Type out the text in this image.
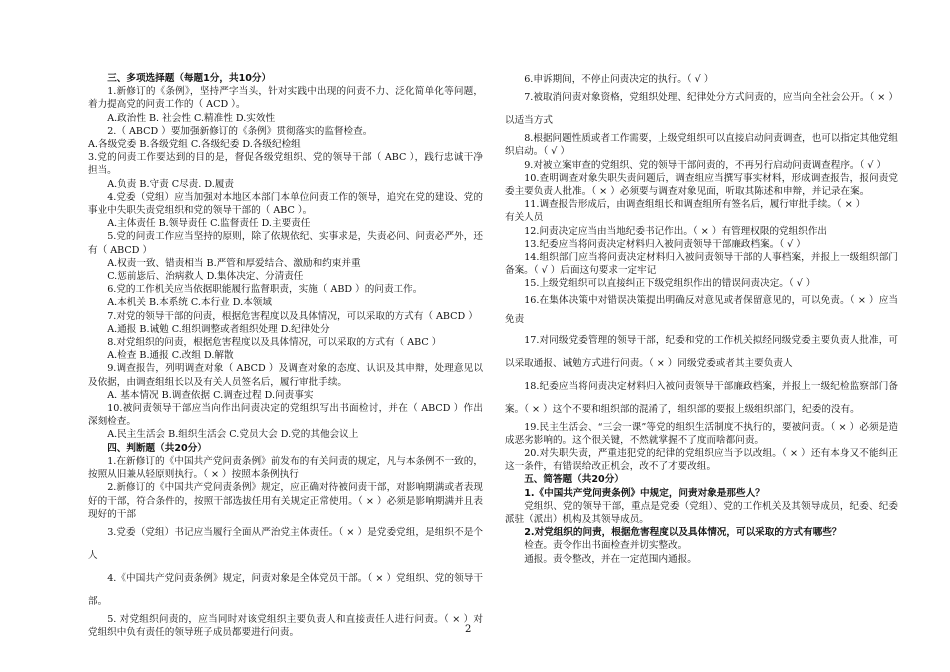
三、多项选择题（每题1分，共10分）

1.新修订的《条例》，坚持严字当头，针对实践中出现的问责不力、泛化简单化等问题，着力提高党的问责工作的（ ACD ）。

A.政治性 B. 社会性 C.精准性 D.实效性

2.（ ABCD ）要加强新修订的《条例》贯彻落实的监督检查。

A.各级党委 B.各级党组 C.各级纪委 D.各级纪检组

3.党的问责工作要达到的目的是，督促各级党组织、党的领导干部（ ABC ），践行忠诚干净担当。

A.负责 B.守责 C尽责. D.履责

4.党委（党组）应当加强对本地区本部门本单位问责工作的领导，追究在党的建设、党的事业中失职失责党组织和党的领导干部的（ ABC ）。

A.主体责任 B.领导责任 C.监督责任 D.主要责任

5.党的问责工作应当坚持的原则，除了依规依纪、实事求是，失责必问、问责必严外，还有（ ABCD ）

A.权责一致、错责相当 B.严管和厚爱结合、激励和约束并重

C.惩前毖后、治病救人 D.集体决定、分清责任

6.党的工作机关应当依据职能履行监督职责，实施（ ABD ）的问责工作。

A.本机关 B.本系统 C.本行业 D.本领域

7.对党的领导干部的问责，根据危害程度以及具体情况，可以采取的方式有（ ABCD ）

A.通报 B.诫勉 C.组织调整或者组织处理 D.纪律处分

8.对党组织的问责，根据危害程度以及具体情况，可以采取的方式有（ ABC ）

A.检查 B.通报 C.改组 D.解散

9.调查报告，列明调查对象（ ABCD ）及调查对象的态度、认识及其申辩，处理意见以及依据，由调查组组长以及有关人员签名后，履行审批手续。

A. 基本情况 B.调查依据 C.调查过程 D.问责事实

10.被问责领导干部应当向作出问责决定的党组织写出书面检讨，并在（ ABCD ）作出深刻检查。

A.民主生活会 B.组织生活会 C.党员大会 D.党的其他会议上

四、判断题（共20分）

1.在新修订的《中国共产党问责条例》前发布的有关问责的规定，凡与本条例不一致的，按照从旧兼从轻原则执行。（ × ）按照本条例执行

2.新修订的《中国共产党问责条例》规定，应正确对待被问责干部，对影响期满或者表现好的干部，符合条件的，按照干部选拔任用有关规定正常使用。（ × ）必须是影响期满并且表现好的干部

3.党委（党组）书记应当履行全面从严治党主体责任。（ × ）是党委党组，是组织不是个人

4.《中国共产党问责条例》规定，问责对象是全体党员干部。（ × ）党组织、党的领导干部。

5. 对党组织问责的，应当同时对该党组织主要负责人和直接责任人进行问责。（ × ）对党组织中负有责任的领导班子成员都要进行问责。

6.申诉期间，不停止问责决定的执行。（ √ ）

7.被取消问责对象资格，党组织处理、纪律处分方式问责的，应当向全社会公开。（ × ）以适当方式

8.根据问题性质或者工作需要，上级党组织可以直接启动问责调查，也可以指定其他党组织启动。（ √ ）

9.对被立案审查的党组织、党的领导干部问责的，不再另行启动问责调查程序。（ √ ）

10.查明调查对象失职失责问题后，调查组应当撰写事实材料，形成调查报告，报问责党委主要负责人批准。（ × ）必须要与调查对象见面，听取其陈述和申辩，并记录在案。

11.调查报告形成后，由调查组组长和调查组所有签名后，履行审批手续。（ × ）

有关人员

12.问责决定应当由当地纪委书记作出。（ × ）有管理权限的党组织作出

13.纪委应当将问责决定材料归入被问责领导干部廉政档案。（ √ ）

14.组织部门应当将问责决定材料归入被问责领导干部的人事档案，并报上一级组织部门备案。（ √ ）后面这句要求一定牢记

15.上级党组织可以直接纠正下级党组织作出的错误问责决定。（ √ ）

16.在集体决策中对错误决策提出明确反对意见或者保留意见的，可以免责。（ × ）应当免责

17.对同级党委管理的领导干部，纪委和党的工作机关拟经同级党委主要负责人批准，可以采取通报、诫勉方式进行问责。（ × ）同级党委或者其主要负责人

18.纪委应当将问责决定材料归入被问责领导干部廉政档案，并报上一级纪检监察部门备案。（ × ）这个不要和组织部的混淆了，组织部的要报上级组织部门，纪委的没有。

19.民主生活会、“三会一课”等党的组织生活制度不执行的，要被问责。（ × ）必须是造成恶劣影响的。这个很关键，不然就掌握不了度而啥都问责。

20.对失职失责，严重违犯党的纪律的党组织应当予以改组。（ × ）还有本身又不能纠正这一条件，有错误给改正机会，改不了才要改组。

五、简答题（共20分）

1.《中国共产党问责条例》中规定，问责对象是那些人？

党组织、党的领导干部，重点是党委（党组）、党的工作机关及其领导成员，纪委、纪委派驻（派出）机构及其领导成员。

2.对党组织的问责，根据危害程度以及具体情况，可以采取的方式有哪些？

检查。责令作出书面检查并切实整改。

通报。责令整改，并在一定范围内通报。

2
